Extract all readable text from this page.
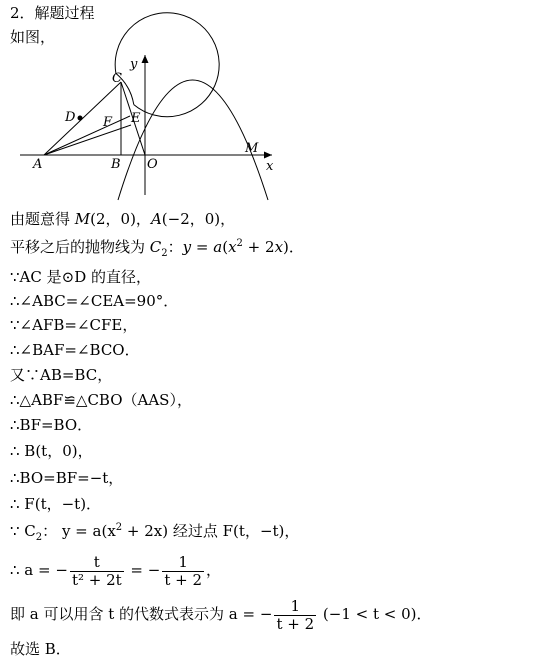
2．解题过程
如图，
y
C
D	E
F
A	B O
M
x
由题意得 M(2，0)，A(−2，0)，
平移之后的抛物线为 $C_2$：$y = a(x^2 + 2x)$．
∵AC 是⊙D 的直径，
∴∠ABC=∠CEA=90°．
∵∠AFB=∠CFE，
∴∠BAF=∠BCO．
又∵AB=BC，
∴△ABF≌△CBO（AAS），
∴BF=BO．
∴ B(t，0)，
∴BO=BF=−t，
∴ F(t，−t)．
∵ $C_2$： $y = a(x^2 + 2x)$ 经过点 F(t，−t)，
∴ a = − $\frac{t}{\text{t² + 2t}}$ = − $\frac{1}{t + 2}$ ，
即 a 可以用含 t 的代数式表示为 a = − $\frac{1}{t + 2} (-1 < t < 0)$．
故选 B．
